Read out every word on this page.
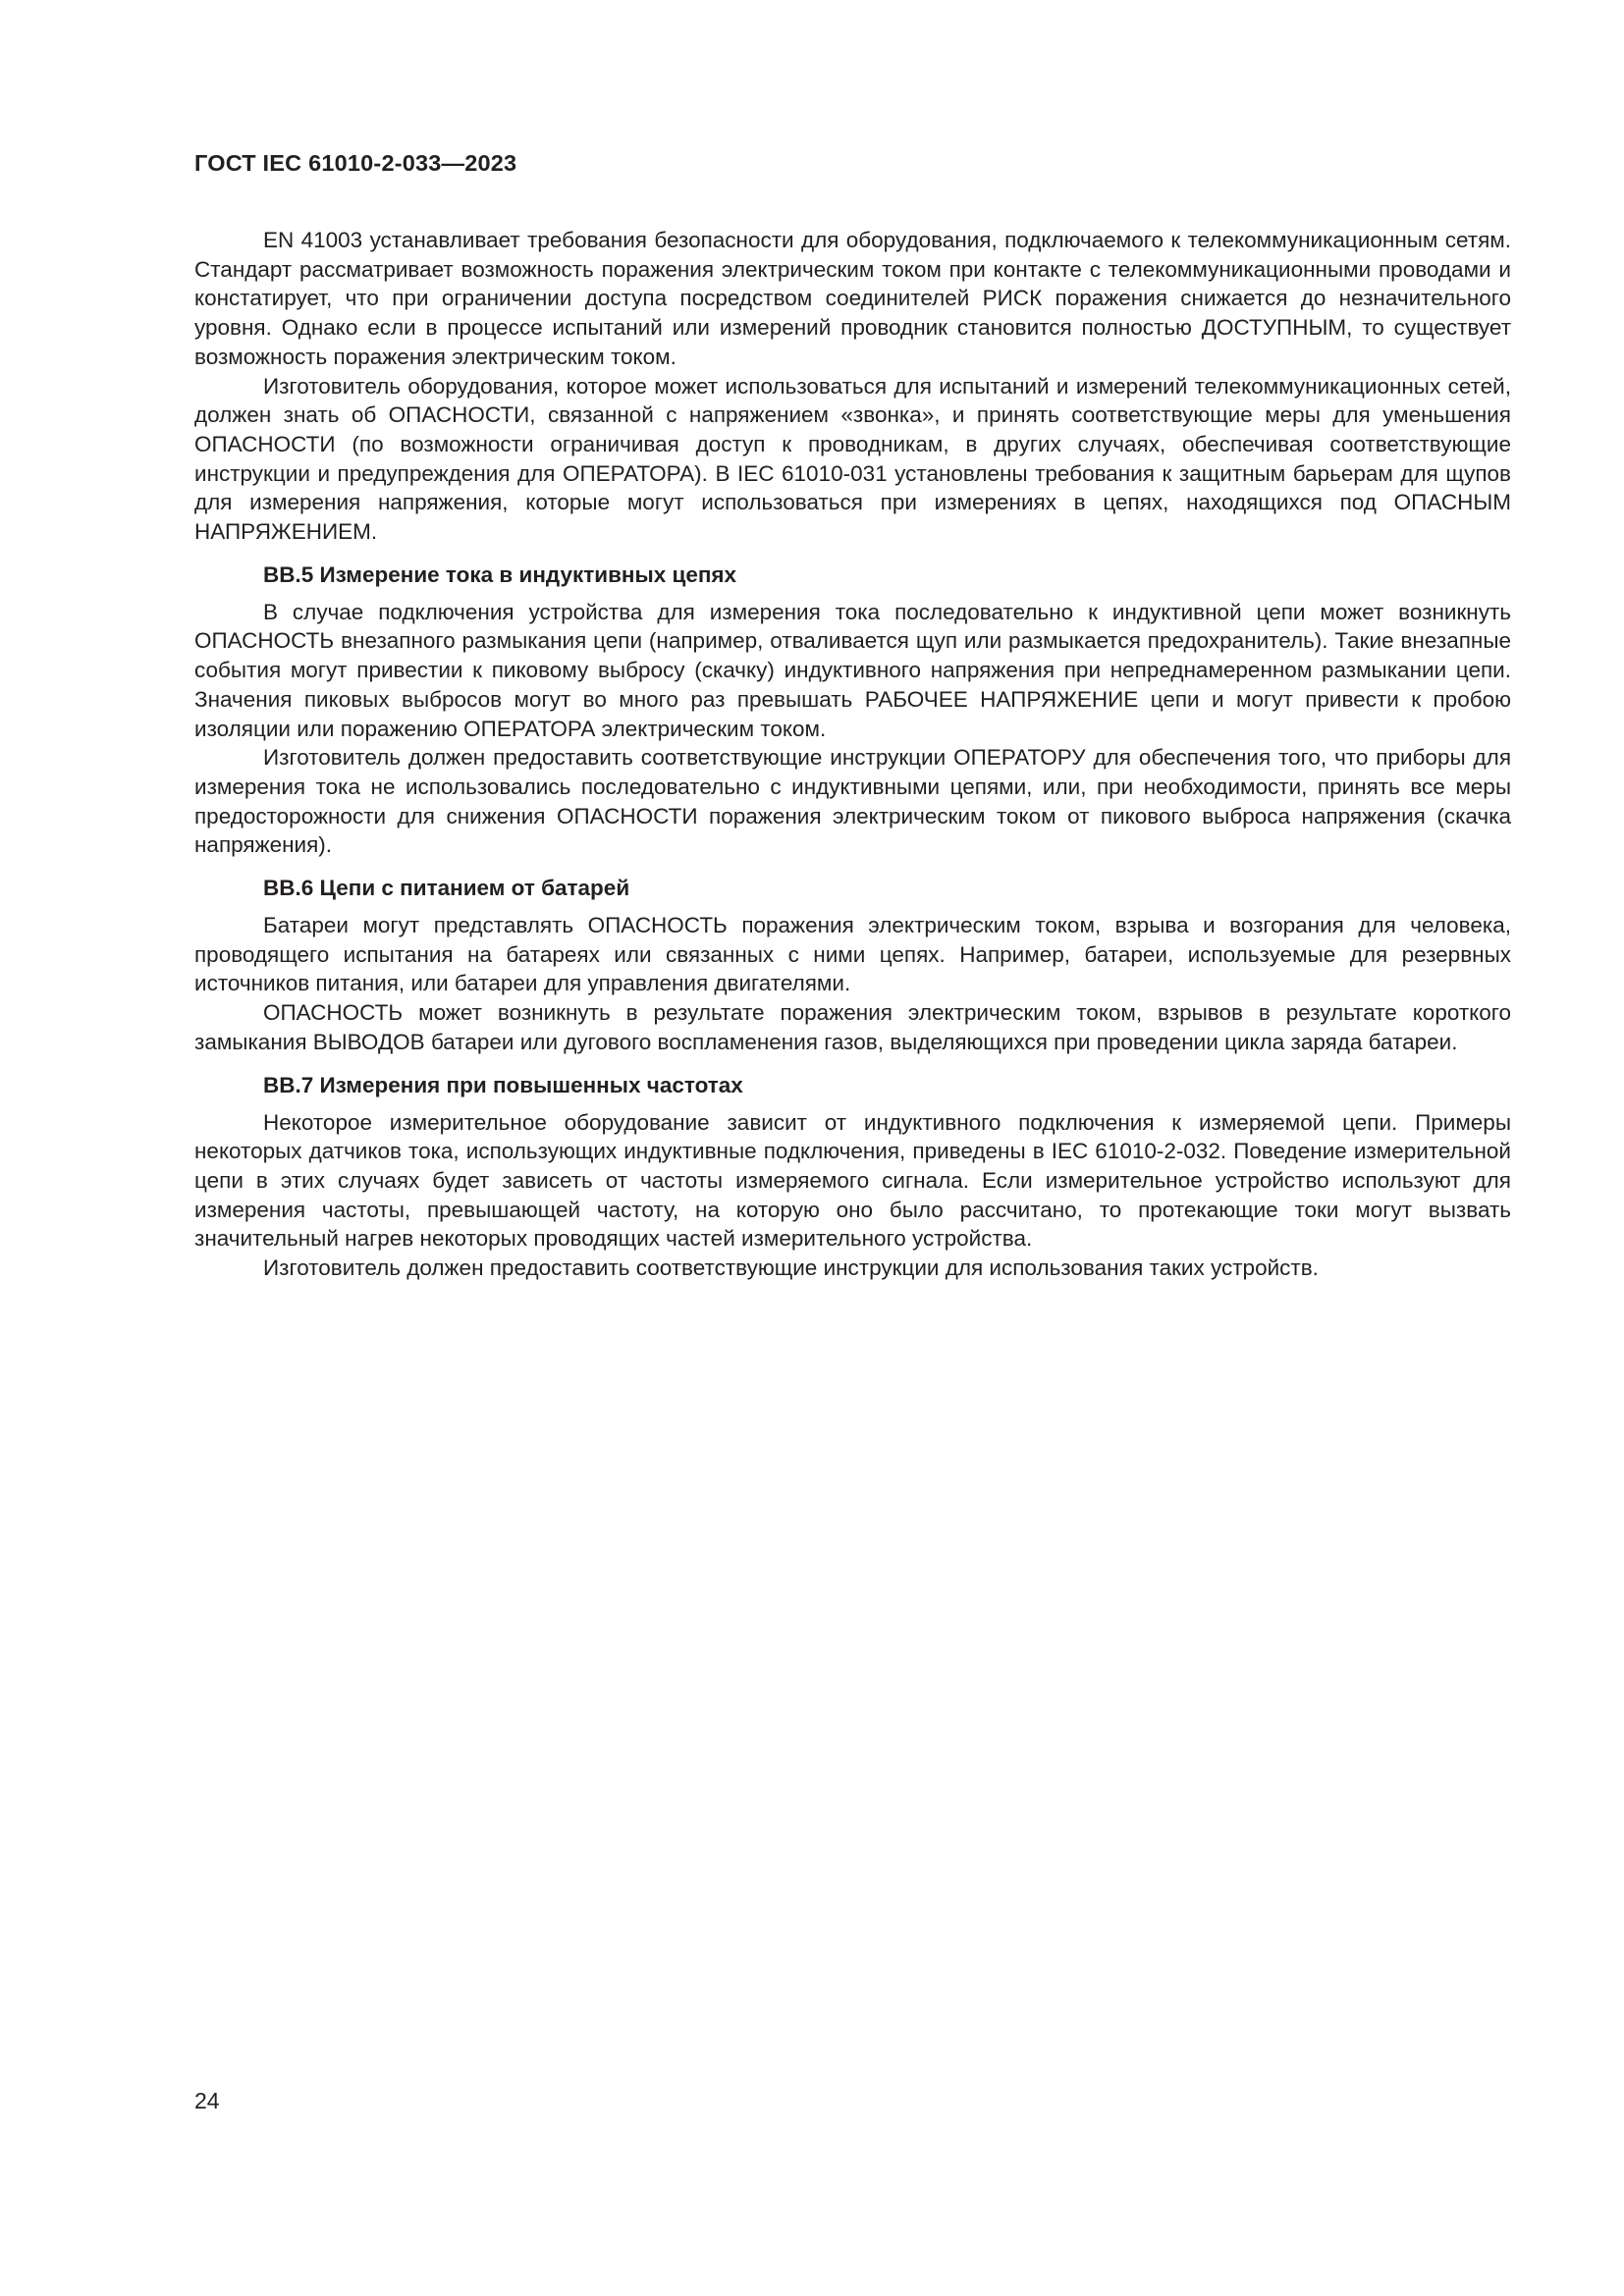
ГОСТ IEC 61010-2-033—2023

EN 41003 устанавливает требования безопасности для оборудования, подключаемого к телекоммуникационным сетям. Стандарт рассматривает возможность поражения электрическим током при контакте с телекоммуникационными проводами и констатирует, что при ограничении доступа посредством соединителей РИСК поражения снижается до незначительного уровня. Однако если в процессе испытаний или измерений проводник становится полностью ДОСТУПНЫМ, то существует возможность поражения электрическим током.

Изготовитель оборудования, которое может использоваться для испытаний и измерений телекоммуникационных сетей, должен знать об ОПАСНОСТИ, связанной с напряжением «звонка», и принять соответствующие меры для уменьшения ОПАСНОСТИ (по возможности ограничивая доступ к проводникам, в других случаях, обеспечивая соответствующие инструкции и предупреждения для ОПЕРАТОРА). В IEC 61010-031 установлены требования к защитным барьерам для щупов для измерения напряжения, которые могут использоваться при измерениях в цепях, находящихся под ОПАСНЫМ НАПРЯЖЕНИЕМ.

ВВ.5 Измерение тока в индуктивных цепях

В случае подключения устройства для измерения тока последовательно к индуктивной цепи может возникнуть ОПАСНОСТЬ внезапного размыкания цепи (например, отваливается щуп или размыкается предохранитель). Такие внезапные события могут привестии к пиковому выбросу (скачку) индуктивного напряжения при непреднамеренном размыкании цепи. Значения пиковых выбросов могут во много раз превышать РАБОЧЕЕ НАПРЯЖЕНИЕ цепи и могут привести к пробою изоляции или поражению ОПЕРАТОРА электрическим током.

Изготовитель должен предоставить соответствующие инструкции ОПЕРАТОРУ для обеспечения того, что приборы для измерения тока не использовались последовательно с индуктивными цепями, или, при необходимости, принять все меры предосторожности для снижения ОПАСНОСТИ поражения электрическим током от пикового выброса напряжения (скачка напряжения).

ВВ.6 Цепи с питанием от батарей

Батареи могут представлять ОПАСНОСТЬ поражения электрическим током, взрыва и возгорания для человека, проводящего испытания на батареях или связанных с ними цепях. Например, батареи, используемые для резервных источников питания, или батареи для управления двигателями.

ОПАСНОСТЬ может возникнуть в результате поражения электрическим током, взрывов в результате короткого замыкания ВЫВОДОВ батареи или дугового воспламенения газов, выделяющихся при проведении цикла заряда батареи.

ВВ.7 Измерения при повышенных частотах

Некоторое измерительное оборудование зависит от индуктивного подключения к измеряемой цепи. Примеры некоторых датчиков тока, использующих индуктивные подключения, приведены в IEC 61010-2-032. Поведение измерительной цепи в этих случаях будет зависеть от частоты измеряемого сигнала. Если измерительное устройство используют для измерения частоты, превышающей частоту, на которую оно было рассчитано, то протекающие токи могут вызвать значительный нагрев некоторых проводящих частей измерительного устройства.

Изготовитель должен предоставить соответствующие инструкции для использования таких устройств.

24
